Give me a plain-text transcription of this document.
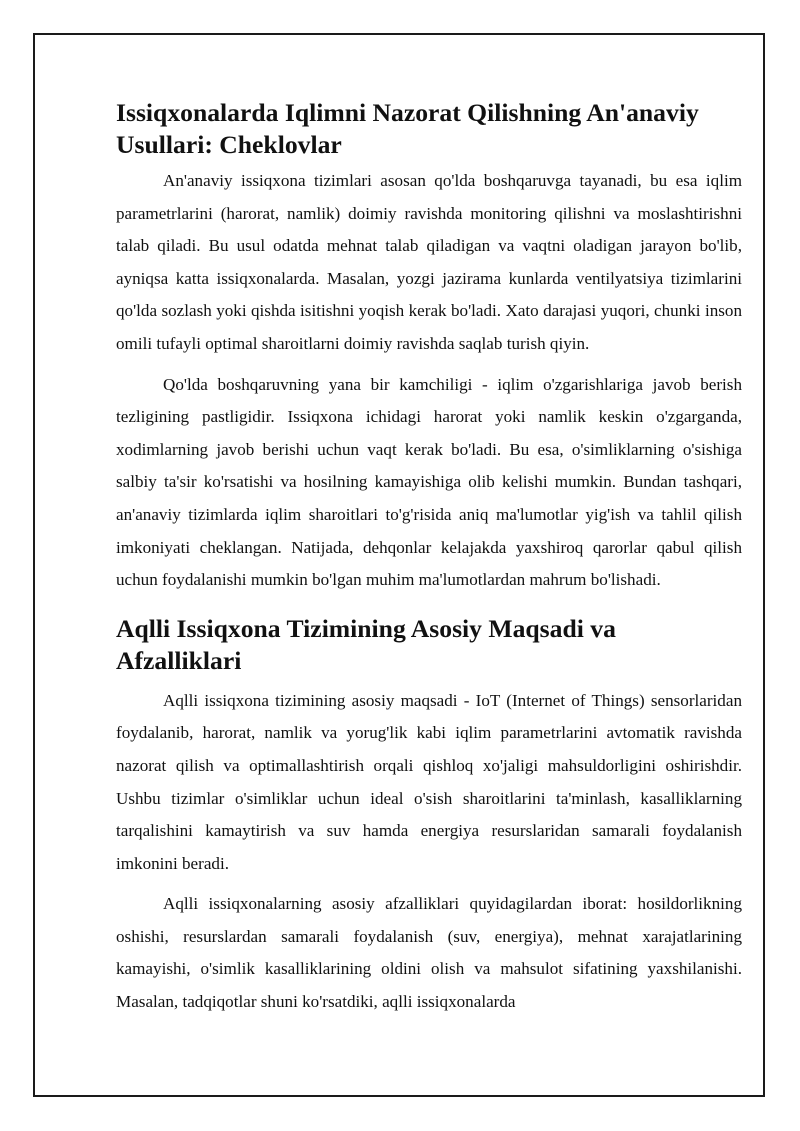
Issiqxonalarda Iqlimni Nazorat Qilishning An'anaviy Usullari: Cheklovlar

An'anaviy issiqxona tizimlari asosan qo'lda boshqaruvga tayanadi, bu esa iqlim parametrlarini (harorat, namlik) doimiy ravishda monitoring qilishni va moslashtirishni talab qiladi. Bu usul odatda mehnat talab qiladigan va vaqtni oladigan jarayon bo'lib, ayniqsa katta issiqxonalarda. Masalan, yozgi jazirama kunlarda ventilyatsiya tizimlarini qo'lda sozlash yoki qishda isitishni yoqish kerak bo'ladi. Xato darajasi yuqori, chunki inson omili tufayli optimal sharoitlarni doimiy ravishda saqlab turish qiyin.

Qo'lda boshqaruvning yana bir kamchiligi - iqlim o'zgarishlariga javob berish tezligining pastligidir. Issiqxona ichidagi harorat yoki namlik keskin o'zgarganda, xodimlarning javob berishi uchun vaqt kerak bo'ladi. Bu esa, o'simliklarning o'sishiga salbiy ta'sir ko'rsatishi va hosilning kamayishiga olib kelishi mumkin. Bundan tashqari, an'anaviy tizimlarda iqlim sharoitlari to'g'risida aniq ma'lumotlar yig'ish va tahlil qilish imkoniyati cheklangan. Natijada, dehqonlar kelajakda yaxshiroq qarorlar qabul qilish uchun foydalanishi mumkin bo'lgan muhim ma'lumotlardan mahrum bo'lishadi.

Aqlli Issiqxona Tizimining Asosiy Maqsadi va Afzalliklari

Aqlli issiqxona tizimining asosiy maqsadi - IoT (Internet of Things) sensorlaridan foydalanib, harorat, namlik va yorug'lik kabi iqlim parametrlarini avtomatik ravishda nazorat qilish va optimallashtirish orqali qishloq xo'jaligi mahsuldorligini oshirishdir. Ushbu tizimlar o'simliklar uchun ideal o'sish sharoitlarini ta'minlash, kasalliklarning tarqalishini kamaytirish va suv hamda energiya resurslaridan samarali foydalanish imkonini beradi.

Aqlli issiqxonalarning asosiy afzalliklari quyidagilardan iborat: hosildorlikning oshishi, resurslardan samarali foydalanish (suv, energiya), mehnat xarajatlarining kamayishi, o'simlik kasalliklarining oldini olish va mahsulot sifatining yaxshilanishi. Masalan, tadqiqotlar shuni ko'rsatdiki, aqlli issiqxonalarda
